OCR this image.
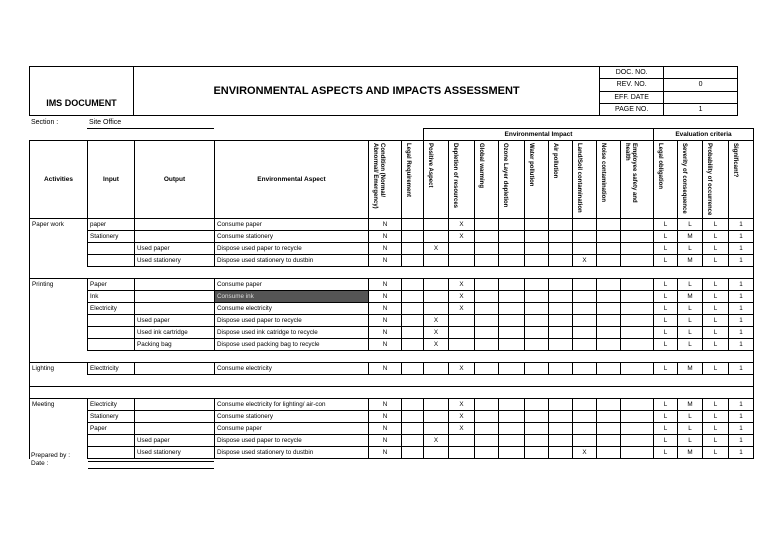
	ENVIRONMENTAL ASPECTS AND IMPACTS ASSESSMENT	DOC. NO.	
		REV. NO.	0
IMS DOCUMENT		EFF. DATE	
		PAGE NO.	1
Section :	Site Office
						Environmental Impact									Evaluation criteria			
Activities	Input	Output	Environmental Aspect	Condition (Normal/ Abnormal/ Emergency)	Legal Requirement	Positive Aspect	Depletion of resources	Global warming	Ozone Layer depletion	Water pollution	Air pollution	Land/Soil contamination	Noise contamination	Employee safety and health	Legal obligation	Severity of consequence	Probability of occurrence	Significant?

Paper work	paper		Consume paper	N			X								L	L	L	1
	Stationery		Consume stationery	N			X								L	M	L	1
		Used paper	Dispose used paper to recycle	N		X									L	L	L	1
		Used stationery	Dispose used stationery to dustbin	N								X			L	M	L	1

Printing	Paper		Consume paper	N			X								L	L	L	1
	Ink		Consume ink	N			X								L	M	L	1
	Electricity		Consume electricity	N			X								L	L	L	1
		Used paper	Dispose used paper to recycle	N		X									L	L	L	1
		Used ink cartridge	Dispose used ink catridge to recycle	N		X									L	L	L	1
		Packing bag	Dispose used packing bag to recycle	N		X									L	L	L	1

Lighting	Electtricity		Consume electricity	N			X								L	M	L	1

Meeting	Electricity		Consume electricity for lighting/ air-con	N			X								L	M	L	1
	Stationery		Consume stationery	N			X								L	L	L	1
	Paper		Consume paper	N			X								L	L	L	1
		Used paper	Dispose used paper to recycle	N		X									L	L	L	1
		Used stationery	Dispose used stationery to dustbin	N								X			L	M	L	1
Prepared by :
Date :
